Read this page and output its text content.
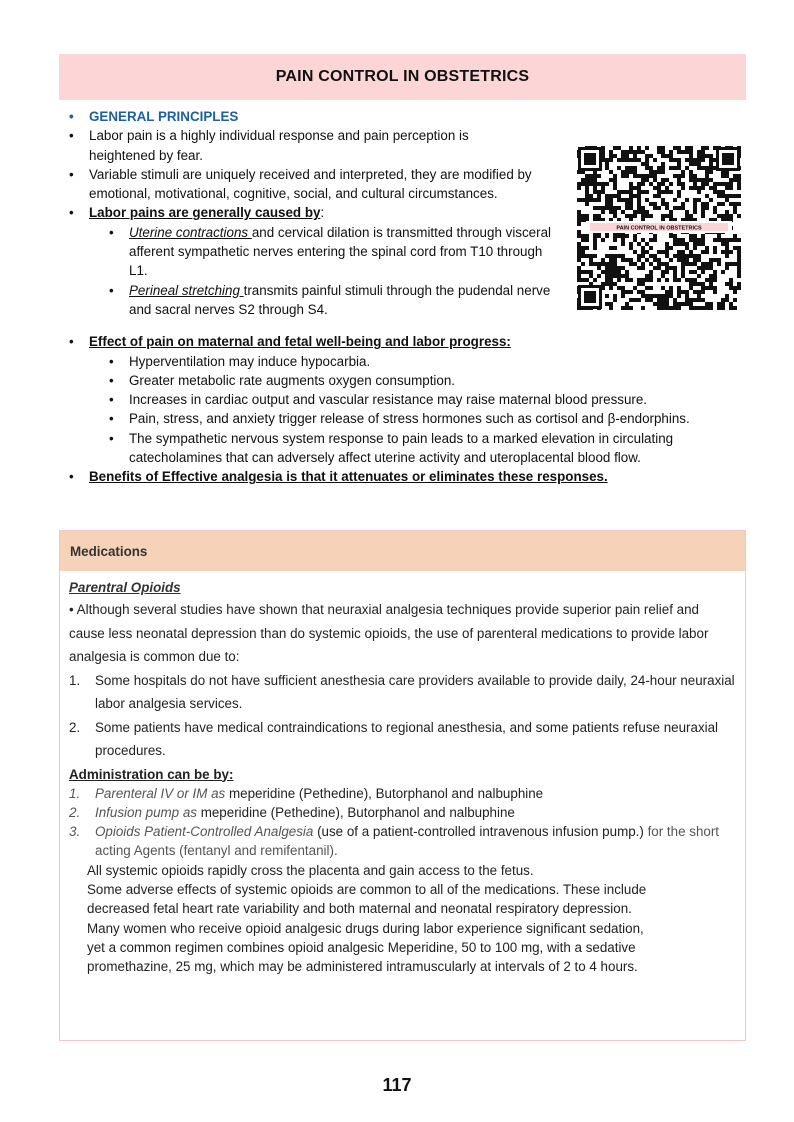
PAIN CONTROL IN OBSTETRICS
• GENERAL PRINCIPLES
• Labor pain is a highly individual response and pain perception is heightened by fear.
• Variable stimuli are uniquely received and interpreted, they are modified by emotional, motivational, cognitive, social, and cultural circumstances.
• Labor pains are generally caused by:
• Uterine contractions and cervical dilation is transmitted through visceral afferent sympathetic nerves entering the spinal cord from T10 through L1.
• Perineal stretching transmits painful stimuli through the pudendal nerve and sacral nerves S2 through S4.
• Effect of pain on maternal and fetal well-being and labor progress:
• Hyperventilation may induce hypocarbia.
• Greater metabolic rate augments oxygen consumption.
• Increases in cardiac output and vascular resistance may raise maternal blood pressure.
• Pain, stress, and anxiety trigger release of stress hormones such as cortisol and β-endorphins.
• The sympathetic nervous system response to pain leads to a marked elevation in circulating catecholamines that can adversely affect uterine activity and uteroplacental blood flow.
• Benefits of Effective analgesia is that it attenuates or eliminates these responses.
PAIN CONTROL IN OBSTETRICS
Medications
Parentral Opioids
• Although several studies have shown that neuraxial analgesia techniques provide superior pain relief and cause less neonatal depression than do systemic opioids, the use of parenteral medications to provide labor analgesia is common due to:
1. Some hospitals do not have sufficient anesthesia care providers available to provide daily, 24-hour neuraxial labor analgesia services.
2. Some patients have medical contraindications to regional anesthesia, and some patients refuse neuraxial procedures.
Administration can be by:
1. Parenteral IV or IM as meperidine (Pethedine), Butorphanol and nalbuphine
2. Infusion pump as meperidine (Pethedine), Butorphanol and nalbuphine
3. Opioids Patient-Controlled Analgesia (use of a patient-controlled intravenous infusion pump.) for the short acting Agents (fentanyl and remifentanil).
All systemic opioids rapidly cross the placenta and gain access to the fetus.
Some adverse effects of systemic opioids are common to all of the medications. These include decreased fetal heart rate variability and both maternal and neonatal respiratory depression.
Many women who receive opioid analgesic drugs during labor experience significant sedation, yet a common regimen combines opioid analgesic Meperidine, 50 to 100 mg, with a sedative promethazine, 25 mg, which may be administered intramuscularly at intervals of 2 to 4 hours.
117
